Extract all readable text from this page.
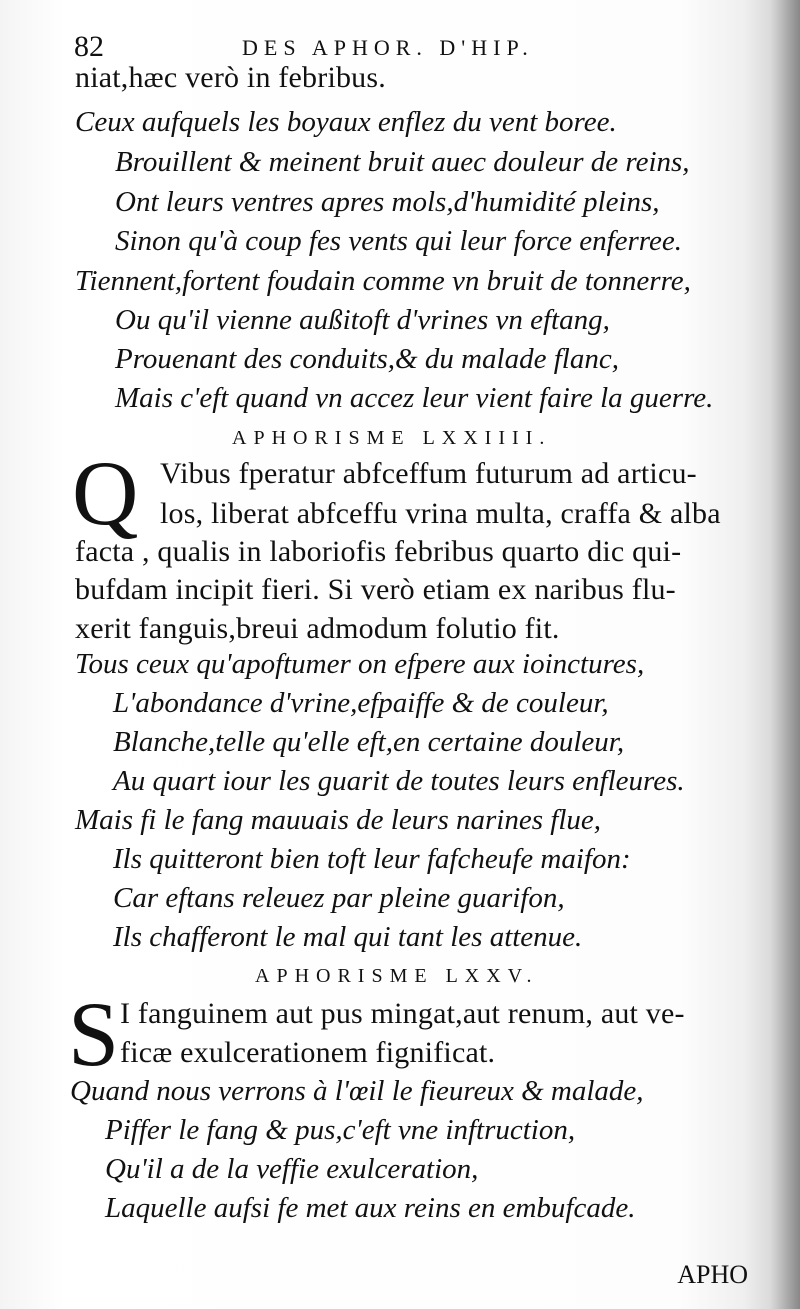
82	DES APHOR. D'HIP.

niat,hæc verò in febribus.

Ceux aufquels les boyaux enflez du vent boree.

Brouillent & meinent bruit auec douleur de reins,

Ont leurs ventres apres mols,d'humidité pleins,

Sinon qu'à coup fes vents qui leur force enferree.

Tiennent,fortent foudain comme vn bruit de tonnerre,

Ou qu'il vienne außitoft d'vrines vn eftang,

Prouenant des conduits,& du malade flanc,

Mais c'eft quand vn accez leur vient faire la guerre.

APHORISME LXXIIII.

Q Vibus fperatur abfceffum futurum ad articu-

los, liberat abfceffu vrina multa, craffa & alba

facta , qualis in laboriofis febribus quarto dic qui-

bufdam incipit fieri. Si verò etiam ex naribus flu-

xerit fanguis,breui admodum folutio fit.

Tous ceux qu'apoftumer on efpere aux ioinctures,

L'abondance d'vrine,efpaiffe & de couleur,

Blanche,telle qu'elle eft,en certaine douleur,

Au quart iour les guarit de toutes leurs enfleures.

Mais fi le fang mauuais de leurs narines flue,

Ils quitteront bien toft leur fafcheufe maifon:

Car eftans releuez par pleine guarifon,

Ils chafferont le mal qui tant les attenue.

APHORISME LXXV.

S I fanguinem aut pus mingat,aut renum, aut ve-

ficæ exulcerationem fignificat.

Quand nous verrons à l'œil le fieureux & malade,

Piffer le fang & pus,c'eft vne inftruction,

Qu'il a de la veffie exulceration,

Laquelle aufsi fe met aux reins en embufcade.

APHO
